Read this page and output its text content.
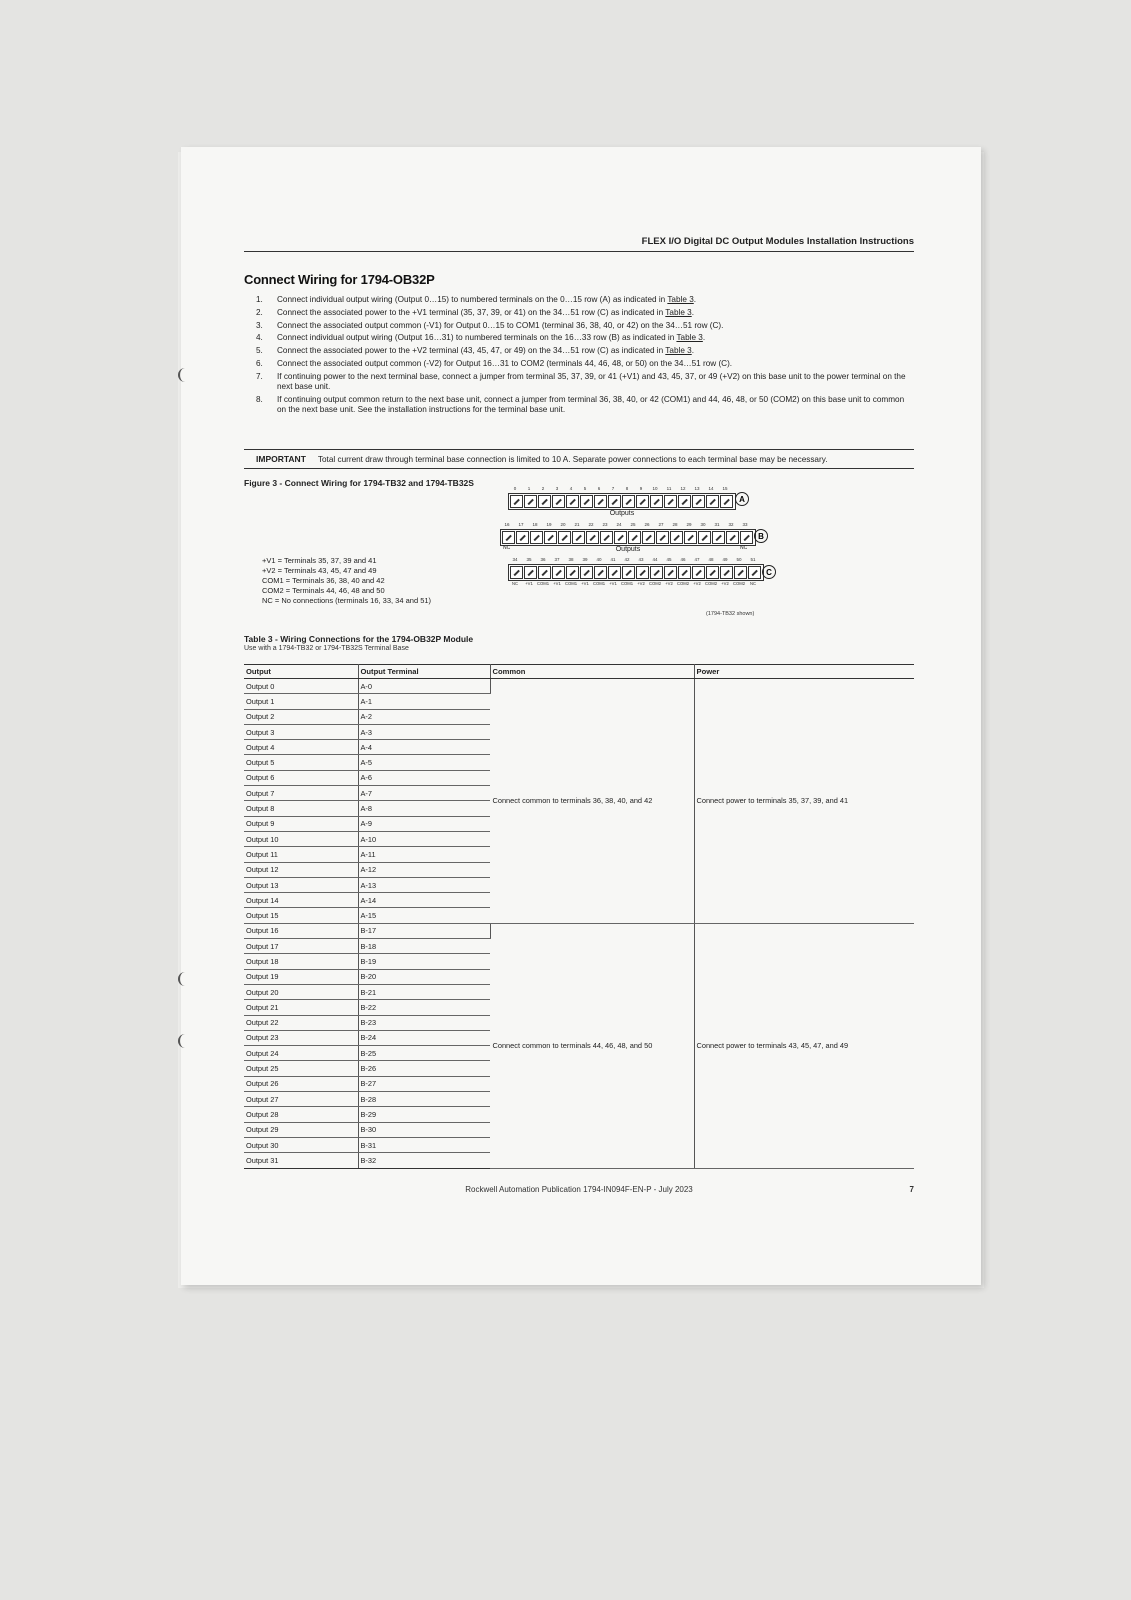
FLEX I/O Digital DC Output Modules Installation Instructions
Connect Wiring for 1794-OB32P
1. Connect individual output wiring (Output 0…15) to numbered terminals on the 0…15 row (A) as indicated in Table 3.
2. Connect the associated power to the +V1 terminal (35, 37, 39, or 41) on the 34…51 row (C) as indicated in Table 3.
3. Connect the associated output common (-V1) for Output 0…15 to COM1 (terminal 36, 38, 40, or 42) on the 34…51 row (C).
4. Connect individual output wiring (Output 16…31) to numbered terminals on the 16…33 row (B) as indicated in Table 3.
5. Connect the associated power to the +V2 terminal (43, 45, 47, or 49) on the 34…51 row (C) as indicated in Table 3.
6. Connect the associated output common (-V2) for Output 16…31 to COM2 (terminals 44, 46, 48, or 50) on the 34…51 row (C).
7. If continuing power to the next terminal base, connect a jumper from terminal 35, 37, 39, or 41 (+V1) and 43, 45, 37, or 49 (+V2) on this base unit to the power terminal on the next base unit.
8. If continuing output common return to the next base unit, connect a jumper from terminal 36, 38, 40, or 42 (COM1) and 44, 46, 48, or 50 (COM2) on this base unit to common on the next base unit. See the installation instructions for the terminal base unit.
IMPORTANT Total current draw through terminal base connection is limited to 10 A. Separate power connections to each terminal base may be necessary.
Figure 3 - Connect Wiring for 1794-TB32 and 1794-TB32S
+V1 = Terminals 35, 37, 39 and 41
+V2 = Terminals 43, 45, 47 and 49
COM1 = Terminals 36, 38, 40 and 42
COM2 = Terminals 44, 46, 48 and 50
NC = No connections (terminals 16, 33, 34 and 51)
0	1	2	3	4	5	6	7	8	9	10	11	12	13	14	15
Outputs
A
16	17	18	19	20	21	22	23	24	25	26	27	28	29	30	31	32	33
Outputs
NC	NC
B
34	35	36	37	38	39	40	41	42	43	44	45	46	47	48	49	50	51
NC	+V1 COM1 +V1 COM1 +V1 COM1 +V1 COM1 +V2 COM2 +V2 COM2 +V2 COM2 +V2 COM2	NC
C
(1794-TB32 shown)
Table 3 - Wiring Connections for the 1794-OB32P Module
Use with a 1794-TB32 or 1794-TB32S Terminal Base
Output	Output Terminal	Common	Power
Output 0	A-0	Connect common to terminals 36, 38, 40, and 42	Connect power to terminals 35, 37, 39, and 41
Output 1	A-1		
Output 2	A-2		
Output 3	A-3		
Output 4	A-4		
Output 5	A-5		
Output 6	A-6		
Output 7	A-7		
Output 8	A-8		
Output 9	A-9		
Output 10	A-10		
Output 11	A-11		
Output 12	A-12		
Output 13	A-13		
Output 14	A-14		
Output 15	A-15		
Output 16	B-17	Connect common to terminals 44, 46, 48, and 50	Connect power to terminals 43, 45, 47, and 49
Output 17	B-18		
Output 18	B-19		
Output 19	B-20		
Output 20	B-21		
Output 21	B-22		
Output 22	B-23		
Output 23	B-24		
Output 24	B-25		
Output 25	B-26		
Output 26	B-27		
Output 27	B-28		
Output 28	B-29		
Output 29	B-30		
Output 30	B-31		
Output 31	B-32		
Rockwell Automation Publication 1794-IN094F-EN-P - July 2023	7
